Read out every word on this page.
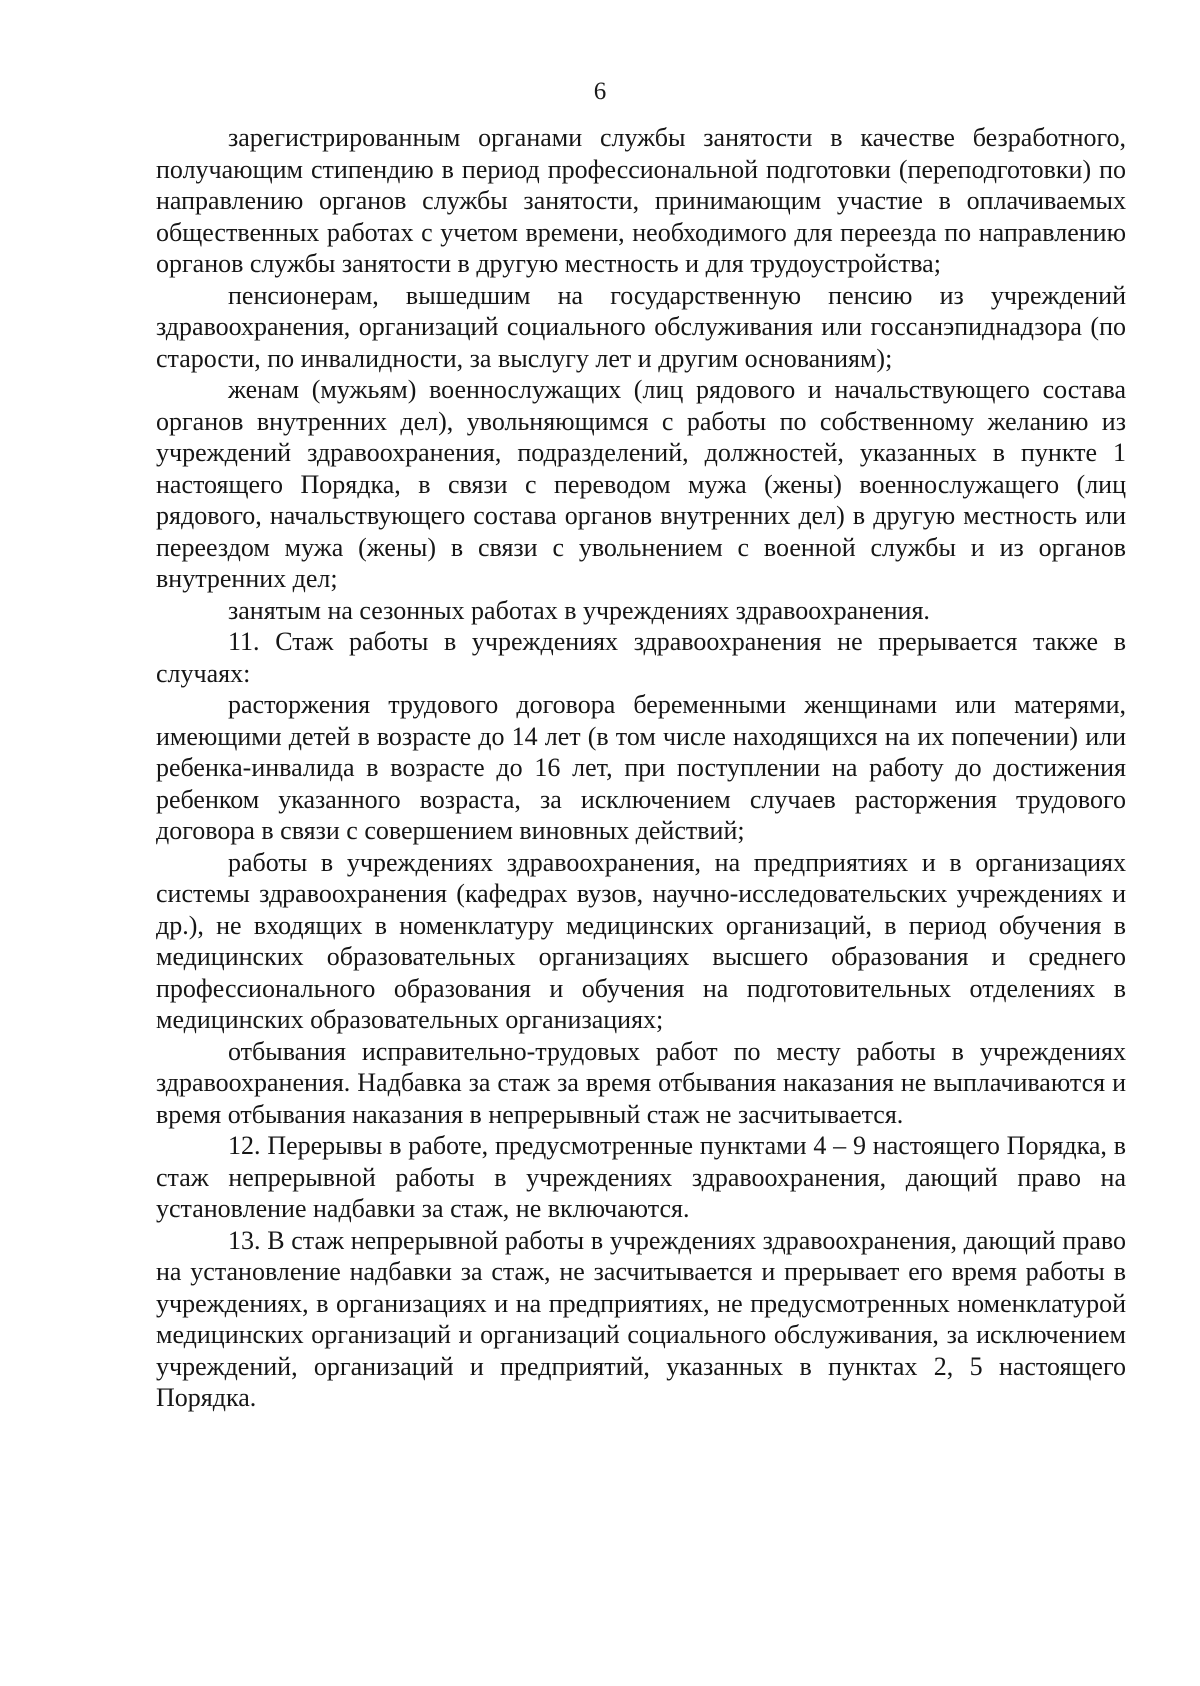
6

зарегистрированным органами службы занятости в качестве безработного, получающим стипендию в период профессиональной подготовки (переподготовки) по направлению органов службы занятости, принимающим участие в оплачиваемых общественных работах с учетом времени, необходимого для переезда по направлению органов службы занятости в другую местность и для трудоустройства;

пенсионерам, вышедшим на государственную пенсию из учреждений здравоохранения, организаций социального обслуживания или госсанэпиднадзора (по старости, по инвалидности, за выслугу лет и другим основаниям);

женам (мужьям) военнослужащих (лиц рядового и начальствующего состава органов внутренних дел), увольняющимся с работы по собственному желанию из учреждений здравоохранения, подразделений, должностей, указанных в пункте 1 настоящего Порядка, в связи с переводом мужа (жены) военнослужащего (лиц рядового, начальствующего состава органов внутренних дел) в другую местность или переездом мужа (жены) в связи с увольнением с военной службы и из органов внутренних дел;

занятым на сезонных работах в учреждениях здравоохранения.

11. Стаж работы в учреждениях здравоохранения не прерывается также в случаях:

расторжения трудового договора беременными женщинами или матерями, имеющими детей в возрасте до 14 лет (в том числе находящихся на их попечении) или ребенка-инвалида в возрасте до 16 лет, при поступлении на работу до достижения ребенком указанного возраста, за исключением случаев расторжения трудового договора в связи с совершением виновных действий;

работы в учреждениях здравоохранения, на предприятиях и в организациях системы здравоохранения (кафедрах вузов, научно-исследовательских учреждениях и др.), не входящих в номенклатуру медицинских организаций, в период обучения в медицинских образовательных организациях высшего образования и среднего профессионального образования и обучения на подготовительных отделениях в медицинских образовательных организациях;

отбывания исправительно-трудовых работ по месту работы в учреждениях здравоохранения. Надбавка за стаж за время отбывания наказания не выплачиваются и время отбывания наказания в непрерывный стаж не засчитывается.

12. Перерывы в работе, предусмотренные пунктами 4 – 9 настоящего Порядка, в стаж непрерывной работы в учреждениях здравоохранения, дающий право на установление надбавки за стаж, не включаются.

13. В стаж непрерывной работы в учреждениях здравоохранения, дающий право на установление надбавки за стаж, не засчитывается и прерывает его время работы в учреждениях, в организациях и на предприятиях, не предусмотренных номенклатурой медицинских организаций и организаций социального обслуживания, за исключением учреждений, организаций и предприятий, указанных в пунктах 2, 5 настоящего Порядка.
